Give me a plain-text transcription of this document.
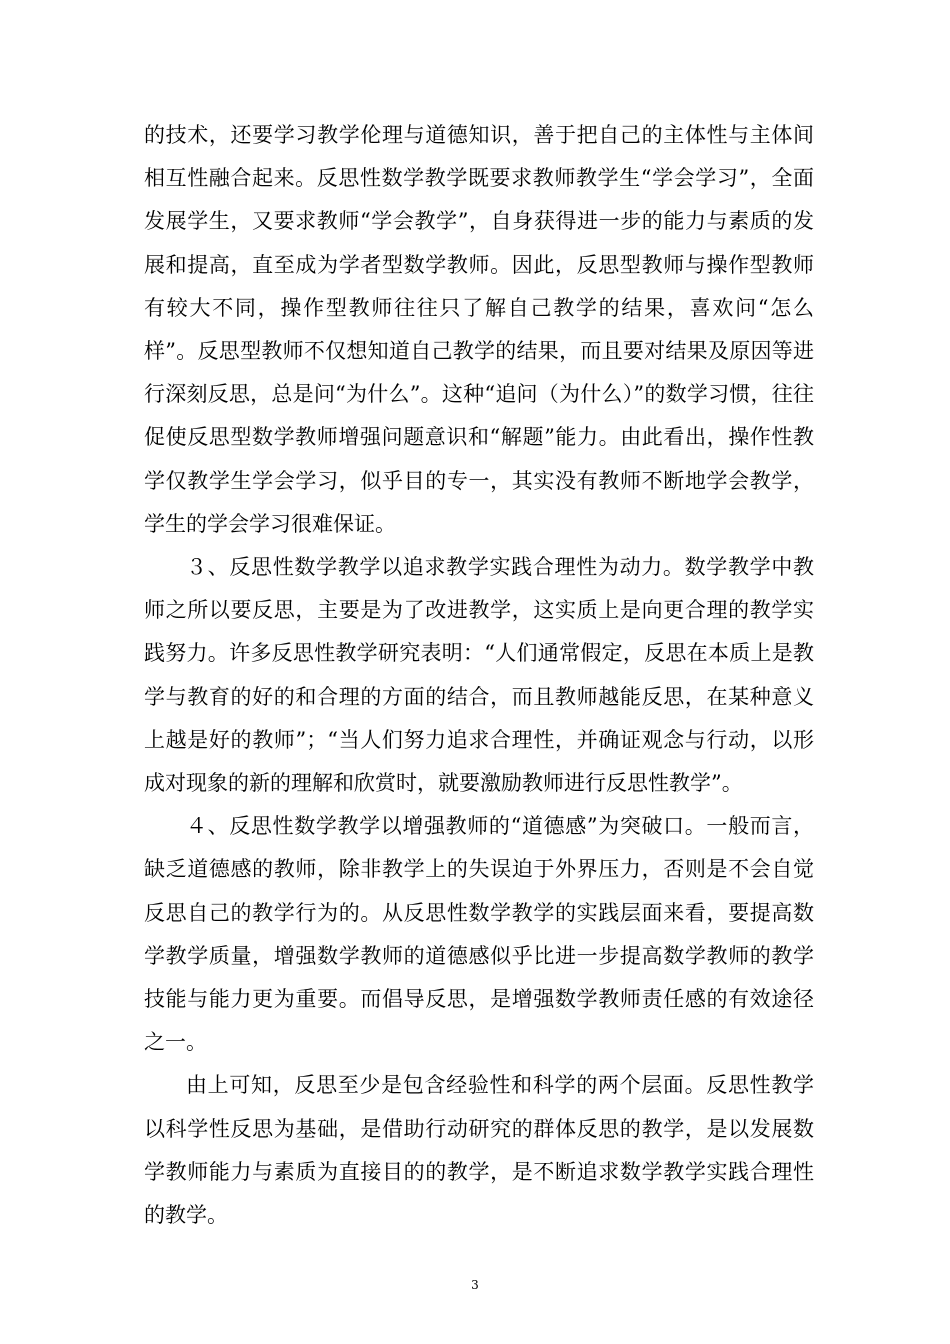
的技术，还要学习教学伦理与道德知识，善于把自己的主体性与主体间相互性融合起来。反思性数学教学既要求教师教学生“学会学习”，全面发展学生，又要求教师“学会教学”，自身获得进一步的能力与素质的发展和提高，直至成为学者型数学教师。因此，反思型教师与操作型教师有较大不同，操作型教师往往只了解自己教学的结果，喜欢问“怎么样”。反思型教师不仅想知道自己教学的结果，而且要对结果及原因等进行深刻反思，总是问“为什么”。这种“追问（为什么）”的数学习惯，往往促使反思型数学教师增强问题意识和“解题”能力。由此看出，操作性教学仅教学生学会学习，似乎目的专一，其实没有教师不断地学会教学，学生的学会学习很难保证。

３、反思性数学教学以追求教学实践合理性为动力。数学教学中教师之所以要反思，主要是为了改进教学，这实质上是向更合理的教学实践努力。许多反思性教学研究表明：“人们通常假定，反思在本质上是教学与教育的好的和合理的方面的结合，而且教师越能反思，在某种意义上越是好的教师”；“当人们努力追求合理性，并确证观念与行动，以形成对现象的新的理解和欣赏时，就要激励教师进行反思性教学”。

４、反思性数学教学以增强教师的“道德感”为突破口。一般而言，缺乏道德感的教师，除非教学上的失误迫于外界压力，否则是不会自觉反思自己的教学行为的。从反思性数学教学的实践层面来看，要提高数学教学质量，增强数学教师的道德感似乎比进一步提高数学教师的教学技能与能力更为重要。而倡导反思，是增强数学教师责任感的有效途径之一。

由上可知，反思至少是包含经验性和科学的两个层面。反思性教学以科学性反思为基础，是借助行动研究的群体反思的教学，是以发展数学教师能力与素质为直接目的的教学，是不断追求数学教学实践合理性的教学。

3
